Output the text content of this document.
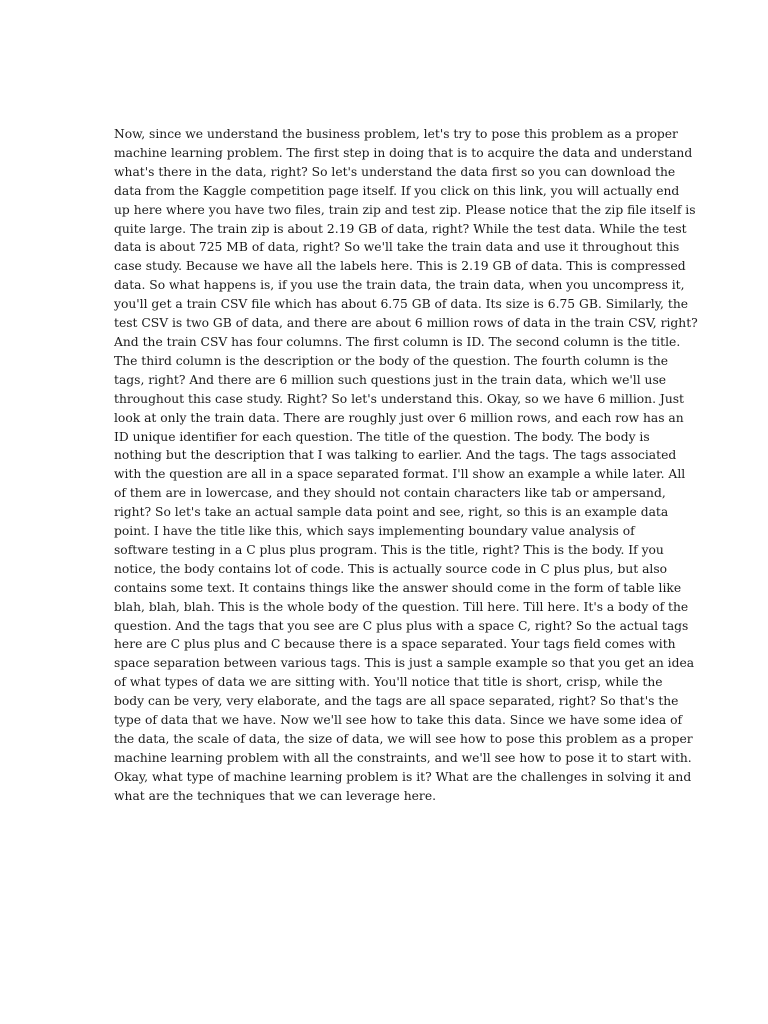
Now, since we understand the business problem, let's try to pose this problem as a proper
machine learning problem. The first step in doing that is to acquire the data and understand
what's there in the data, right? So let's understand the data first so you can download the
data from the Kaggle competition page itself. If you click on this link, you will actually end
up here where you have two files, train zip and test zip. Please notice that the zip file itself is
quite large. The train zip is about 2.19 GB of data, right? While the test data. While the test
data is about 725 MB of data, right? So we'll take the train data and use it throughout this
case study. Because we have all the labels here. This is 2.19 GB of data. This is compressed
data. So what happens is, if you use the train data, the train data, when you uncompress it,
you'll get a train CSV file which has about 6.75 GB of data. Its size is 6.75 GB. Similarly, the
test CSV is two GB of data, and there are about 6 million rows of data in the train CSV, right?
And the train CSV has four columns. The first column is ID. The second column is the title.
The third column is the description or the body of the question. The fourth column is the
tags, right? And there are 6 million such questions just in the train data, which we'll use
throughout this case study. Right? So let's understand this. Okay, so we have 6 million. Just
look at only the train data. There are roughly just over 6 million rows, and each row has an
ID unique identifier for each question. The title of the question. The body. The body is
nothing but the description that I was talking to earlier. And the tags. The tags associated
with the question are all in a space separated format. I'll show an example a while later. All
of them are in lowercase, and they should not contain characters like tab or ampersand,
right? So let's take an actual sample data point and see, right, so this is an example data
point. I have the title like this, which says implementing boundary value analysis of
software testing in a C plus plus program. This is the title, right? This is the body. If you
notice, the body contains lot of code. This is actually source code in C plus plus, but also
contains some text. It contains things like the answer should come in the form of table like
blah, blah, blah. This is the whole body of the question. Till here. Till here. It's a body of the
question. And the tags that you see are C plus plus with a space C, right? So the actual tags
here are C plus plus and C because there is a space separated. Your tags field comes with
space separation between various tags. This is just a sample example so that you get an idea
of what types of data we are sitting with. You'll notice that title is short, crisp, while the
body can be very, very elaborate, and the tags are all space separated, right? So that's the
type of data that we have. Now we'll see how to take this data. Since we have some idea of
the data, the scale of data, the size of data, we will see how to pose this problem as a proper
machine learning problem with all the constraints, and we'll see how to pose it to start with.
Okay, what type of machine learning problem is it? What are the challenges in solving it and
what are the techniques that we can leverage here.
